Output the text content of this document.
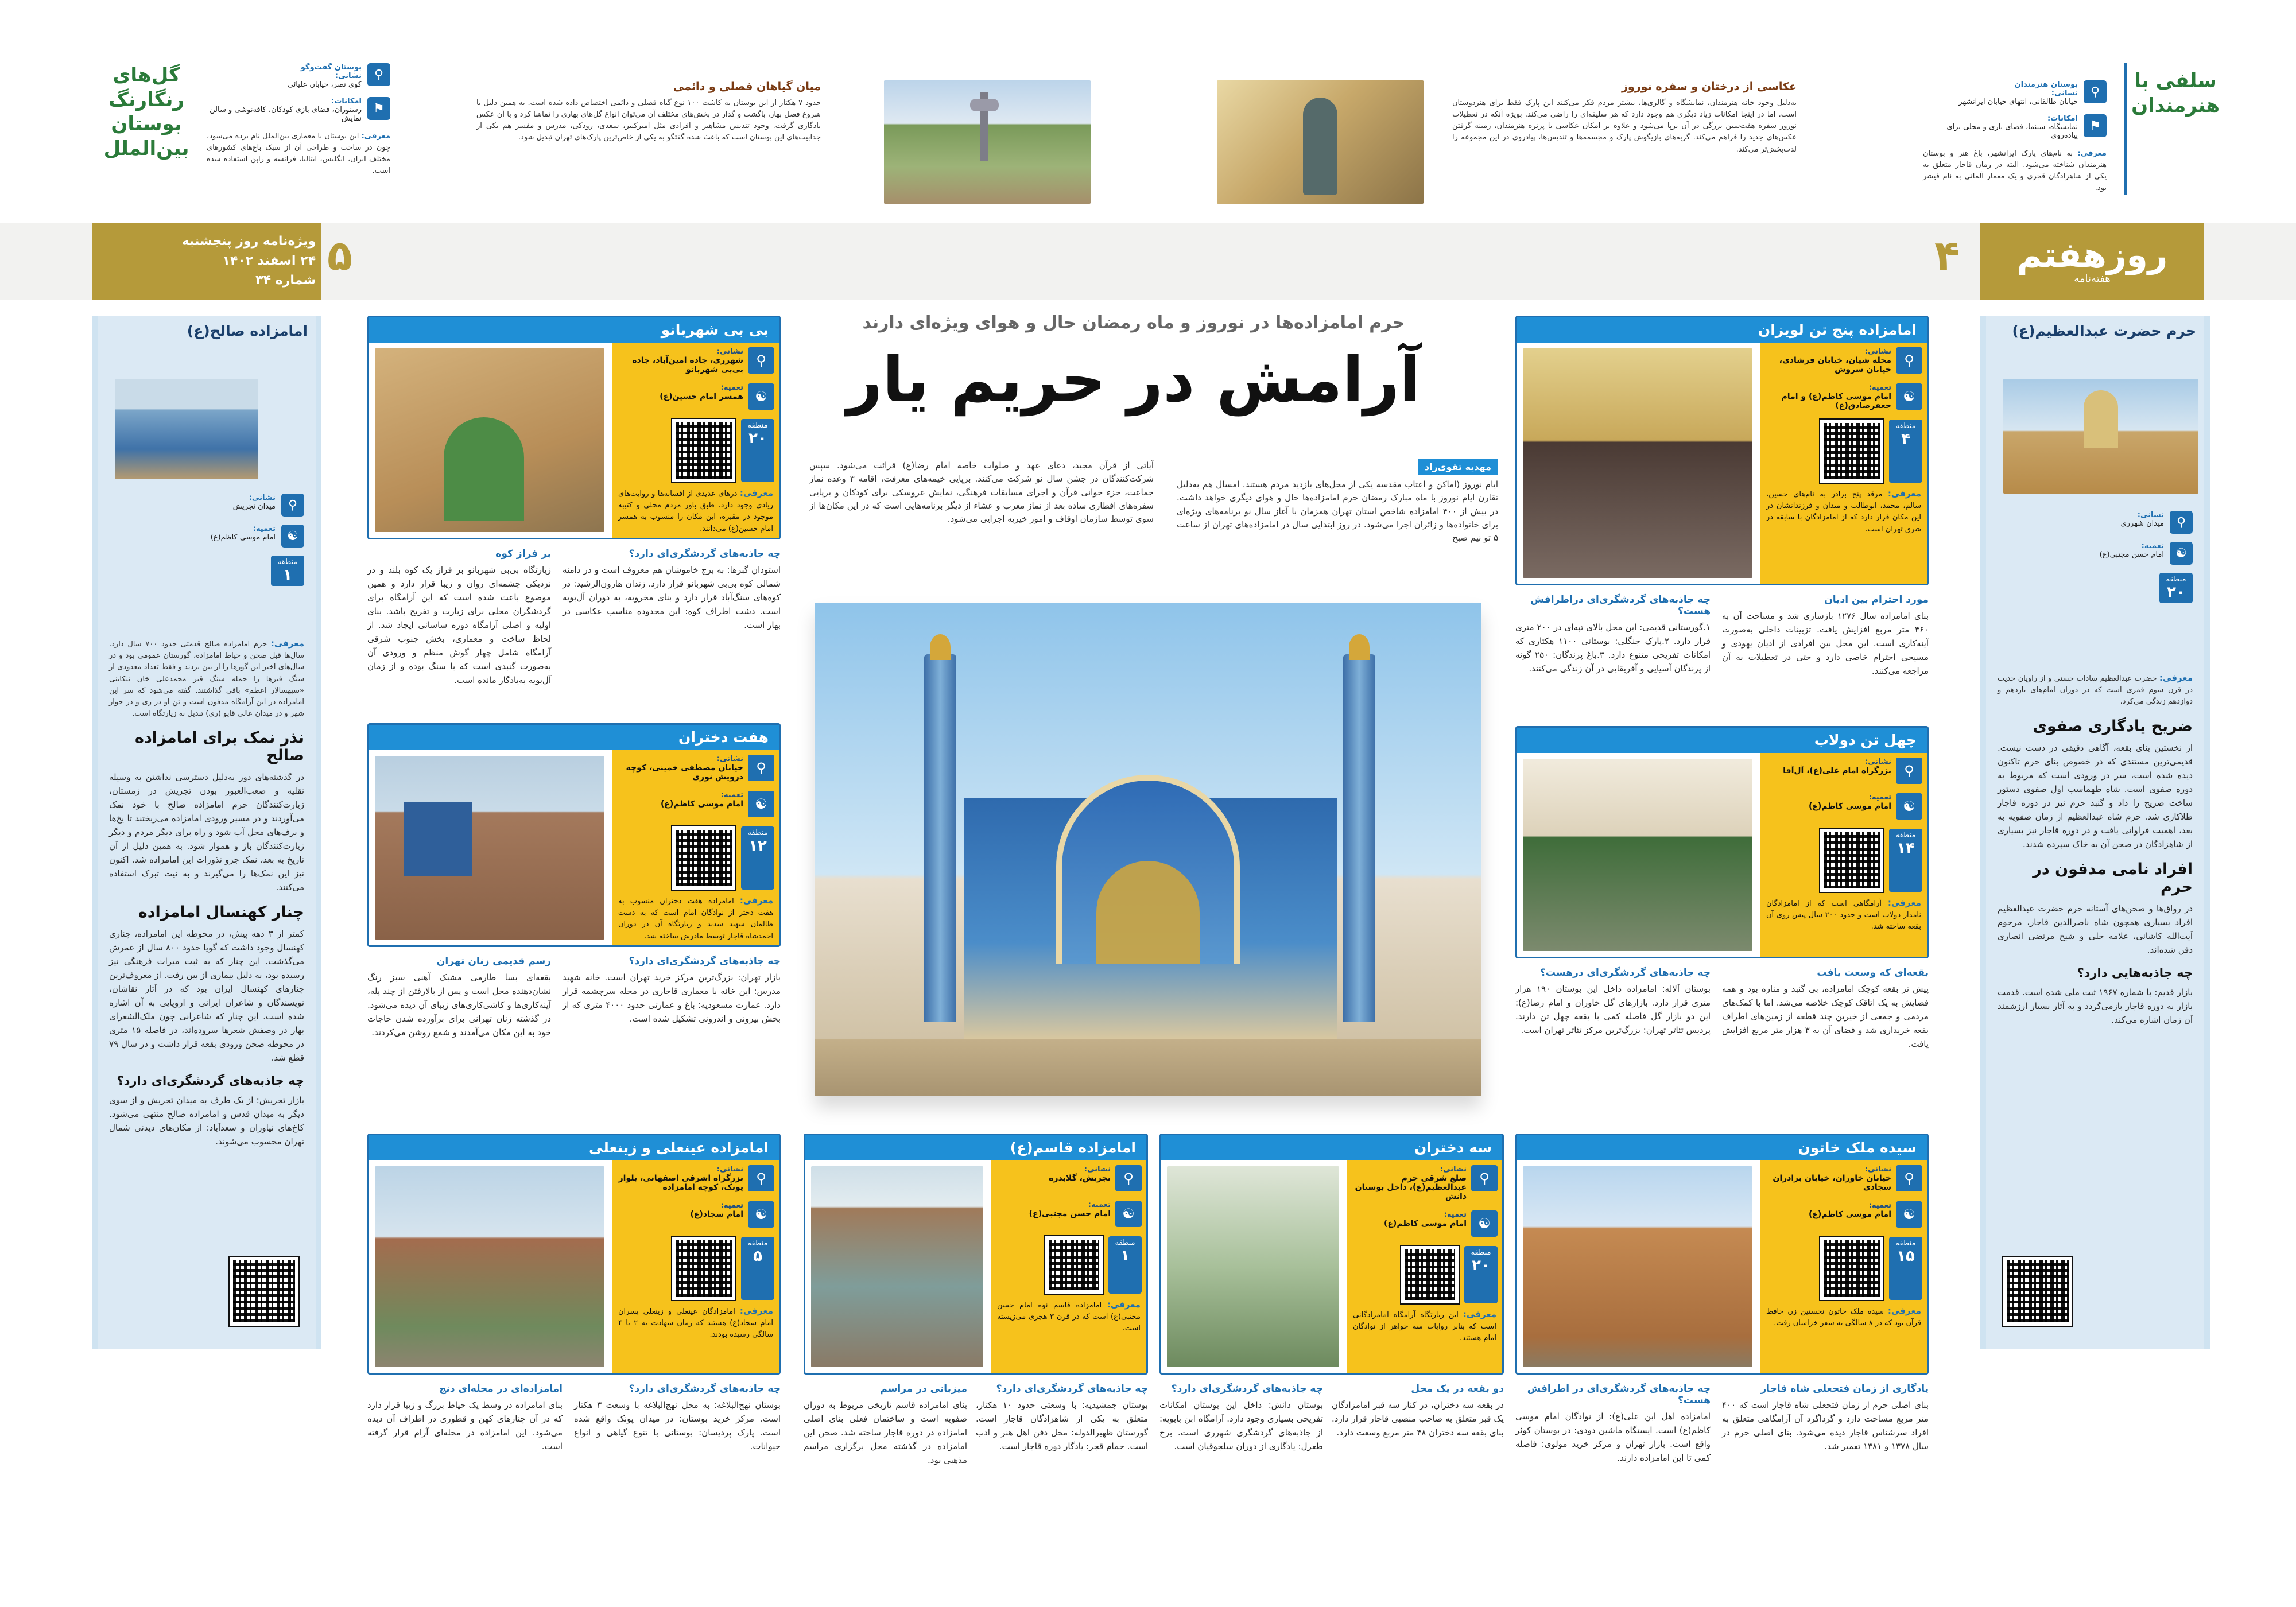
گل‌های رنگارنگ بوستان بین‌الملل
⚲
بوستان گفت‌وگو
نشانی:
کوی نصر، خیابان علیائی
⚑
امکانات:
رستوران، فضای بازی کودکان، کافه‌نوشی و سالن نمایش
معرفی: این بوستان با معماری بین‌الملل نام برده می‌شود، چون در ساخت و طراحی آن از سبک باغ‌های کشورهای مختلف ایران، انگلیس، ایتالیا، فرانسه و ژاپن استفاده شده است.
میان گیاهان فصلی و دائمی
حدود ۷ هکتار از این بوستان به کاشت ۱۰۰ نوع گیاه فصلی و دائمی اختصاص داده شده است. به همین دلیل با شروع فصل بهار، باگشت و گذار در بخش‌های مختلف آن می‌توان انواع گل‌های بهاری را تماشا کرد و با آن عکس یادگاری گرفت. وجود تندیس مشاهیر و افرادی مثل امیرکبیر، سعدی، رودکی، مدرس و مفسر هم یکی از جذابیت‌های این بوستان است که باعث شده گفتگو به یکی از خاص‌ترین پارک‌های تهران تبدیل شود.
عکاسی از درختان و سفره نوروز
به‌دلیل وجود خانه هنرمندان، نمایشگاه و گالری‌ها، بیشتر مردم فکر می‌کنند این پارک فقط برای هنردوستان است. اما در اینجا امکانات زیاد دیگری هم وجود دارد که هر سلیقه‌ای را راضی می‌کند. بویژه آنکه در تعطیلات نوروز سفره هفت‌سین بزرگی در آن برپا می‌شود و علاوه بر امکان عکاسی با پرتره هنرمندان، زمینه گرفتن عکس‌های جدید را فراهم می‌کند. گربه‌های بازیگوش پارک و مجسمه‌ها و تندیس‌ها، پیادروی در این مجموعه را لذت‌بخش‌تر می‌کند.
⚲
بوستان هنرمندان
نشانی:
خیابان طالقانی، انتهای خیابان ایرانشهر
⚑
امکانات:
نمایشگاه، سینما، فضای بازی و محلی برای پیاده‌روی
معرفی: به نام‌های پارک ایرانشهر، باغ هنر و بوستان هنرمندان شناخته می‌شود. البته در زمان قاجار متعلق به یکی از شاهزادگان قجری و یک معمار آلمانی به نام فیشر بود.
سلفی با هنرمندان
ویژه‌نامه روز پنجشنبه
۲۴ اسفند ۱۴۰۲
شماره ۳۴
۵	۴ روزهفتم
هفته‌نامه
امامزاده صالح(ع)
⚲
نشانی:
میدان تجریش
☯
تعمیه:
امام موسی کاظم(ع)
منطقه
۱
معرفی: حرم امامزاده صالح قدمتی حدود ۷۰۰ سال دارد. سال‌ها قبل صحن و حیاط امامزاده، گورستان عمومی بود و در سال‌های اخیر این گورها را از بین بردند و فقط تعداد معدودی از سنگ قبرها را جمله سنگ قبر محمدعلی خان تنکابنی «سپهسالار اعظم» باقی گذاشتند. گفته می‌شود که سر این امامزاده در این آرامگاه مدفون است و تن او در ری و در جوار شهر و در میدان عالی قاپو (ری) تبدیل به زیارتگاه است.
نذر نمک برای امامزاده صالح
در گذشته‌های دور به‌دلیل دسترسی نداشتن به وسیله نقلیه و صعب‌العبور بودن تجریش در زمستان، زیارت‌کنندگان حرم امامزاده صالح با خود نمک می‌آوردند و در مسیر ورودی امامزاده می‌ریختند تا یخ‌ها و برف‌های محل آب شود و راه برای دیگر مردم و دیگر زیارت‌کنندگان باز و هموار شود. به همین دلیل از آن تاریخ به بعد، نمک جزو نذورات این امامزاده شد. اکنون نیز این نمک‌ها را می‌گیرند و به نیت تبرک استفاده می‌کنند.
چنار کهنسال امامزاده
کمتر از ۳ دهه پیش، در محوطه این امامزاده، چناری کهنسال وجود داشت که گویا حدود ۸۰۰ سال از عمرش می‌گذشت. این چنار که به ثبت میراث فرهنگی نیز رسیده بود، به دلیل بیماری از بین رفت. از معروف‌ترین چنارهای کهنسال ایران بود که در آثار نقاشان، نویسندگان و شاعران ایرانی و اروپایی به آن اشاره شده است. این چنار که شاعرانی چون ملک‌الشعرای بهار در وصفش شعرها سروده‌اند، در فاصله ۱۵ متری در محوطه صحن ورودی بقعه قرار داشت و در سال ۷۹ قطع شد.
چه جاذبه‌های گردشگری‌ای دارد؟
بازار تجریش: از یک طرف به میدان تجریش و از سوی دیگر به میدان قدس و امامزاده صالح منتهی می‌شود. کاخ‌های نیاوران و سعدآباد: از مکان‌های دیدنی شمال تهران محسوب می‌شوند.
حرم حضرت عبدالعظیم(ع)
⚲
نشانی:
میدان شهرری
☯
تعمیه:
امام حسن مجتبی(ع)
منطقه
۲۰
معرفی: حضرت عبدالعظیم سادات حسنی و از راویان حدیث در قرن سوم قمری است که در دوران امام‌های یازدهم و دوازدهم زندگی می‌کرد.
ضریح یادگاری صفوی
از نخستین بنای بقعه، آگاهی دقیقی در دست نیست. قدیمی‌ترین مستندی که در خصوص بنای حرم تاکنون دیده شده است، سر در ورودی است که مربوط به دوره صفوی است. شاه طهماسب اول صفوی دستور ساخت ضریح را داد و گنبد حرم نیز در دوره قاجار طلاکاری شد. حرم شاه عبدالعظیم از زمان صفویه به بعد، اهمیت فراوانی یافت و در دوره قاجار نیز بسیاری از شاهزادگان در صحن آن به خاک سپرده شدند.
افراد نامی مدفون در حرم
در رواق‌ها و صحن‌های آستانه حرم حضرت عبدالعظیم افراد بسیاری همچون شاه ناصرالدین قاجار، مرحوم آیت‌الله کاشانی، علامه حلی و شیخ مرتضی انصاری دفن شده‌اند.
چه جاذبه‌هایی دارد؟
بازار قدیم: با شماره ۱۹۶۷ ثبت ملی شده است. قدمت بازار به دوره قاجار بازمی‌گردد و به آثار بسیار ارزشمند آن زمان اشاره می‌کند.
حرم امامزاده‌ها در نوروز و ماه رمضان حال و هوای ویژه‌ای دارند
آرامش در حریم یار
مهدیه تقوی‌راد
ایام نوروز (اماکن و اعتاب مقدسه یکی از محل‌های بازدید مردم هستند. امسال هم به‌دلیل تقارن ایام نوروز با ماه مبارک رمضان حرم امامزاده‌ها حال و هوای دیگری خواهد داشت. در بیش از ۴۰۰ امامزاده شاخص استان تهران همزمان با آغاز سال نو برنامه‌های ویژه‌ای برای خانواده‌ها و زائران اجرا می‌شود. در روز ابتدایی سال در امامزاده‌های تهران از ساعت ۵ تو نیم صبح
آیاتی از قرآن مجید، دعای عهد و صلوات خاصه امام رضا(ع) قرائت می‌شود. سپس شرکت‌کنندگان در جشن سال نو شرکت می‌کنند. برپایی خیمه‌های معرفت، اقامه ۳ وعده نماز جماعت، جزء خوانی قرآن و اجرای مسابقات فرهنگی، نمایش عروسکی برای کودکان و برپایی سفره‌های افطاری ساده بعد از نماز مغرب و عشاء از دیگر برنامه‌هایی است که در این مکان‌ها از سوی توسط سازمان اوقاف و امور خیریه اجرایی می‌شود.
بی بی شهربانو
⚲
نشانی:
شهرری، جاده امین‌آباد، جاده بی‌بی شهربانو
☯
تعمیه:
همسر امام حسین(ع)
منطقه
۲۰
معرفی: درهای عدیدی از افسانه‌ها و روایت‌های زیادی وجود دارد. طبق باور مردم محلی و کتیبه موجود در مقبره، این مکان را منسوب به همسر امام حسین(ع) می‌دانند.
چه جاذبه‌های گردشگری‌ای دارد؟
استودان گبرها: به برج خاموشان هم معروف است و در دامنه شمالی کوه بی‌بی شهربانو قرار دارد. زندان هارون‌الرشید: در کوه‌های سنگ‌آباد قرار دارد و بنای مخروبه، به دوران آل‌بویه است. دشت اطراف کوه: این محدوده مناسب عکاسی در بهار است.
بر فراز کوه
زیارتگاه بی‌بی شهربانو بر فراز یک کوه بلند و در نزدیکی چشمه‌ای روان و زیبا قرار دارد و همین موضوع باعث شده است که این آرامگاه برای گردشگران محلی برای زیارت و تفریح باشد. بنای اولیه و اصلی آرامگاه دوره ساسانی ایجاد شد. از لحاظ ساخت و معماری، بخش جنوب شرقی آرامگاه شامل چهار گوش منظم و ورودی آن به‌صورت گنبدی است که با سنگ بوده و از زمان آل‌بویه به‌یادگار مانده است.
هفت دختران
⚲
نشانی:
خیابان مصطفی خمینی، کوچه درویش نوری
☯
تعمیه:
امام موسی کاظم(ع)
منطقه
۱۲
معرفی: امامزاده هفت دختران منسوب به هفت دختر از نوادگان امام است که به دست ظالمان شهید شدند و زیارتگاه آن در دوران احمدشاه قاجار توسط مادرش ساخته شد.
چه جاذبه‌های گردشگری‌ای دارد؟
بازار تهران: بزرگ‌ترین مرکز خرید تهران است. خانه شهید مدرس: این خانه با معماری قاجاری در محله سرچشمه قرار دارد. عمارت مسعودیه: باغ و عمارتی حدود ۴۰۰۰ متری که از بخش بیرونی و اندرونی تشکیل شده است.
رسم قدیمی زنان تهران
بقعه‌ای بسا طارمی مشبک آهنی سبز رنگ نشان‌دهنده محل است و پس از بالارفتن از چند پله، آینه‌کاری‌ها و کاشی‌کاری‌های زیبای آن دیده می‌شود. در گذشته زنان تهرانی برای برآورده شدن حاجات خود به این مکان می‌آمدند و شمع روشن می‌کردند.
امامزاده پنج تن لویزان
⚲
نشانی:
محله شیان، خیابان فرشادی، خیابان سروش
☯
تعمیه:
امام موسی کاظم(ع) و امام جعفرصادق(ع)
منطقه
۴
معرفی: مرقد پنج برادر به نام‌های حسین، سالم، محمد، ابوطالب و میدان و فرزندانشان در این مکان قرار دارد که از امامزادگان با سابقه در شرق تهران است.
مورد احترام بین ادیان
بنای امامزاده سال ۱۲۷۶ بازسازی شد و مساحت آن به ۴۶۰ متر مربع افزایش یافت. تزیینات داخلی به‌صورت آینه‌کاری است. این محل بین افرادی از ادیان یهودی و مسیحی احترام خاصی دارد و حتی در تعطیلات به آن مراجعه می‌کنند.
چه جاذبه‌های گردشگری‌ای دراطرافش هست؟
۱.گورستانی قدیمی: این محل بالای تپه‌ای در ۲۰۰ متری قرار دارد. ۲.پارک جنگلی: بوستانی ۱۱۰۰ هکتاری که امکانات تفریحی متنوع دارد. ۳.باغ پرندگان: ۲۵۰ گونه از پرندگان آسیایی و آفریقایی در آن زندگی می‌کنند.
چهل تن دولاب
⚲
نشانی:
بزرگراه امام علی(ع)، آل‌آقا
☯
تعمیه:
امام موسی کاظم(ع)
منطقه
۱۴
معرفی: آرامگاهی است که از امامزادگان نامدار دولاب است و حدود ۲۰۰ سال پیش روی آن بقعه ساخته شد.
بقعه‌ای که وسعت یافت
پیش تر بقعه کوچک امامزاده، بی گنبد و مناره بود و همه فضایش به یک اتاقک کوچک خلاصه می‌شد. اما با کمک‌های مردمی و جمعی از خیرین چند قطعه از زمین‌های اطراف بقعه خریداری شد و فضای آن به ۳ هزار متر مربع افزایش یافت.
چه جاذبه‌های گردشگری‌ای درهست؟
بوستان آلاله: امامزاده داخل این بوستان ۱۹۰ هزار متری قرار دارد. بازارهای گل خاوران و امام رضا(ع): این دو بازار گل فاصله کمی با بقعه چهل تن دارند. پردیس تئاتر تهران: بزرگ‌ترین مرکز تئاتر تهران است.
سیده ملک خاتون
⚲
نشانی:
خیابان خاوران، خیابان برادران سجادی
☯
تعمیه:
امام موسی کاظم(ع)
منطقه
۱۵
معرفی: سیده ملک خاتون نخستین زن حافظ قرآن بود که در ۸ سالگی به سفر خراسان رفت.
یادگاری از زمان فتحعلی شاه قاجار
بنای اصلی حرم از زمان فتحعلی شاه قاجار است که ۴۰۰ متر مربع مساحت دارد و گرداگرد آن آرامگاهی متعلق به افراد سرشناس قاجار دیده می‌شود. بنای اصلی حرم در سال ۱۳۷۸ و ۱۳۸۱ تعمیر شد.
چه جاذبه‌های گردشگری‌ای در اطرافش هست؟
امامزاده اهل ابن علی(ع): از نوادگان امام موسی کاظم(ع) است. ایستگاه ماشین دودی: در بوستان کوثر واقع است. بازار تهران و مرکز خرید مولوی: فاصله کمی تا این امامزاده دارند.
سه دختران
⚲
نشانی:
صلع شرقی حرم عبدالعظیم(ع)، داخل بوستان دانش
☯
تعمیه:
امام موسی کاظم(ع)
منطقه
۲۰
معرفی: این زیارتگاه آرامگاه امامزادگانی است که بنابر روایات سه خواهر از نوادگان امام هستند.
دو بقعه در یک محل
در بقعه سه دختران، در کنار سه قبر امامزادگان یک قبر متعلق به صاحب منصبی قاجار قرار دارد. بنای بقعه سه دختران ۴۸ متر مربع وسعت دارد.
چه جاذبه‌های گردشگری‌ای دارد؟
بوستان دانش: داخل این بوستان امکانات تفریحی بسیاری وجود دارد. آرامگاه ابن بابویه: از جاذبه‌های گردشگری شهرری است. برج طغرل: یادگاری از دوران سلجوقیان است.
امامزاده قاسم(ع)
⚲
نشانی:
تجریش، گلابدره
☯
تعمیه:
امام حسن مجتبی(ع)
منطقه
۱
معرفی: امامزاده قاسم نوه امام حسن مجتبی(ع) است که در قرن ۳ هجری می‌زیسته است.
چه جاذبه‌های گردشگری‌ای دارد؟
بوستان جمشیدیه: با وسعتی حدود ۱۰ هکتار، متعلق به یکی از شاهزادگان قاجار است. گورستان ظهیرالدوله: محل دفن اهل هنر و ادب است. حمام قجر: یادگار دوره قاجار است.
میزبانی در مراسم
بنای امامزاده قاسم تاریخی مربوط به دوران صفویه است و ساختمان فعلی بنای اصلی امامزاده در دوره قاجار ساخته شد. صحن این امامزاده در گذشته محل برگزاری مراسم مذهبی بود.
امامزاده عینعلی و زینعلی
⚲
نشانی:
بزرگراه اشرفی اصفهانی، بلوار پونک، کوچه امامزاده
☯
تعمیه:
امام سجاد(ع)
منطقه
۵
معرفی: امامزادگان عینعلی و زینعلی پسران امام سجاد(ع) هستند که زمان شهادت به ۲ یا ۴ سالگی رسیده بودند.
چه جاذبه‌های گردشگری‌ای دارد؟
بوستان نهج‌البلاغه: به محل نهج‌البلاغه با وسعت ۳ هکتار است. مرکز خرید بوستان: در میدان پونک واقع شده است. پارک پردیسان: بوستانی با تنوع گیاهی و انواع حیوانات.
امامزاده‌ای در محله‌ای دنج
بنای امامزاده در وسط یک حیاط بزرگ و زیبا قرار دارد که در آن چنارهای کهن و قطوری در اطراف آن دیده می‌شود. این امامزاده در محله‌ای آرام قرار گرفته است.
